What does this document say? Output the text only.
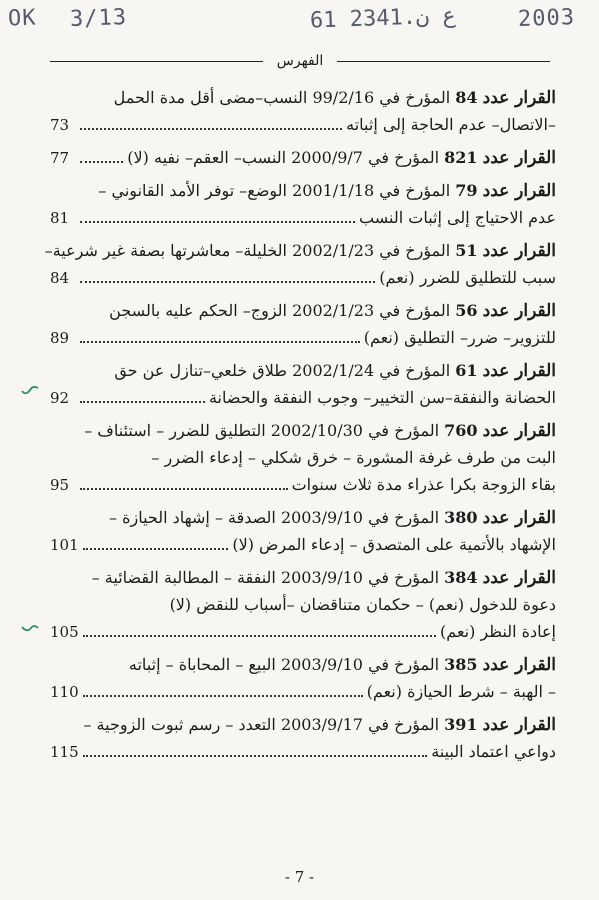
OK 3/13	61 ع ن.2341	2003
الفهرس
القرار عدد

84

المؤرخ في 99/2/16 النسب–مضى أقل مدة الحمل
–الاتصال– عدم الحاجة إلى إثباته
73
القرار عدد

821

المؤرخ في 2000/9/7 النسب– العقم– نفيه (لا)
77
القرار عدد

79

المؤرخ في 2001/1/18 الوضع– توفر الأمد القانوني –
عدم الاحتياج إلى إثبات النسب
81
القرار عدد

51

المؤرخ في 2002/1/23 الخليلة– معاشرتها بصفة غير شرعية–
سبب للتطليق للضرر (نعم)
84
القرار عدد

56

المؤرخ في 2002/1/23 الزوج– الحكم عليه بالسجن
للتزوير– ضرر– التطليق (نعم)
89
القرار عدد

61

المؤرخ في 2002/1/24 طلاق خلعي–تنازل عن حق
الحضانة والنفقة–سن التخيير– وجوب النفقة والحضانة
92
القرار عدد

760

المؤرخ في 2002/10/30 التطليق للضرر – استئناف –
البت من طرف غرفة المشورة – خرق شكلي – إدعاء الضرر –
بقاء الزوجة بكرا عذراء مدة ثلاث سنوات
95
القرار عدد

380

المؤرخ في 2003/9/10 الصدقة – إشهاد الحيازة –
الإشهاد بالأتمية على المتصدق – إدعاء المرض (لا)
101
القرار عدد

384

المؤرخ في 2003/9/10 النفقة – المطالبة القضائية –
دعوة للدخول (نعم) – حكمان متناقضان –أسباب للنقض (لا)
إعادة النظر (نعم)
105
القرار عدد

385

المؤرخ في 2003/9/10 البيع – المحاباة – إثباته
– الهبة – شرط الحيازة (نعم)
110
القرار عدد

391

المؤرخ في 2003/9/17 التعدد – رسم ثبوت الزوجية –
دواعي اعتماد البينة
115
- 7 -
